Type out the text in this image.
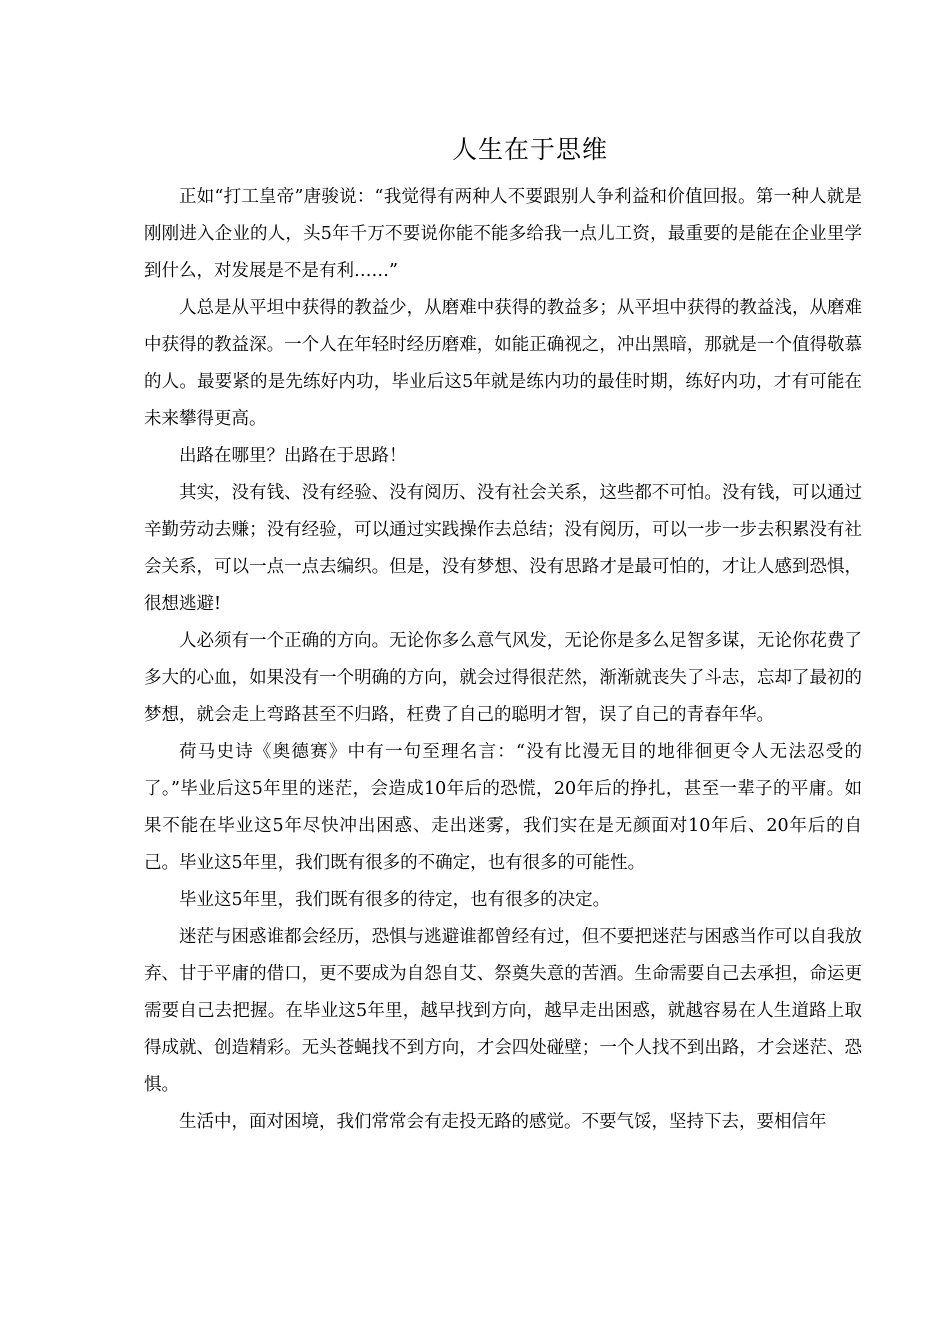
人生在于思维

正如“打工皇帝”唐骏说：“我觉得有两种人不要跟别人争利益和价值回报。第一种人就是刚刚进入企业的人，头5年千万不要说你能不能多给我一点儿工资，最重要的是能在企业里学到什么，对发展是不是有利……”

人总是从平坦中获得的教益少，从磨难中获得的教益多；从平坦中获得的教益浅，从磨难中获得的教益深。一个人在年轻时经历磨难，如能正确视之，冲出黑暗，那就是一个值得敬慕的人。最要紧的是先练好内功，毕业后这5年就是练内功的最佳时期，练好内功，才有可能在未来攀得更高。

出路在哪里？出路在于思路！

其实，没有钱、没有经验、没有阅历、没有社会关系，这些都不可怕。没有钱，可以通过辛勤劳动去赚；没有经验，可以通过实践操作去总结；没有阅历，可以一步一步去积累没有社会关系，可以一点一点去编织。但是，没有梦想、没有思路才是最可怕的，才让人感到恐惧，很想逃避!

人必须有一个正确的方向。无论你多么意气风发，无论你是多么足智多谋，无论你花费了多大的心血，如果没有一个明确的方向，就会过得很茫然，渐渐就丧失了斗志，忘却了最初的梦想，就会走上弯路甚至不归路，枉费了自己的聪明才智，误了自己的青春年华。

荷马史诗《奥德赛》中有一句至理名言：“没有比漫无目的地徘徊更令人无法忍受的了。”毕业后这5年里的迷茫，会造成10年后的恐慌，20年后的挣扎，甚至一辈子的平庸。如果不能在毕业这5年尽快冲出困惑、走出迷雾，我们实在是无颜面对10年后、20年后的自己。毕业这5年里，我们既有很多的不确定，也有很多的可能性。

毕业这5年里，我们既有很多的待定，也有很多的决定。

迷茫与困惑谁都会经历，恐惧与逃避谁都曾经有过，但不要把迷茫与困惑当作可以自我放弃、甘于平庸的借口，更不要成为自怨自艾、祭奠失意的苦酒。生命需要自己去承担，命运更需要自己去把握。在毕业这5年里，越早找到方向，越早走出困惑，就越容易在人生道路上取得成就、创造精彩。无头苍蝇找不到方向，才会四处碰壁；一个人找不到出路，才会迷茫、恐惧。

生活中，面对困境，我们常常会有走投无路的感觉。不要气馁，坚持下去，要相信年
